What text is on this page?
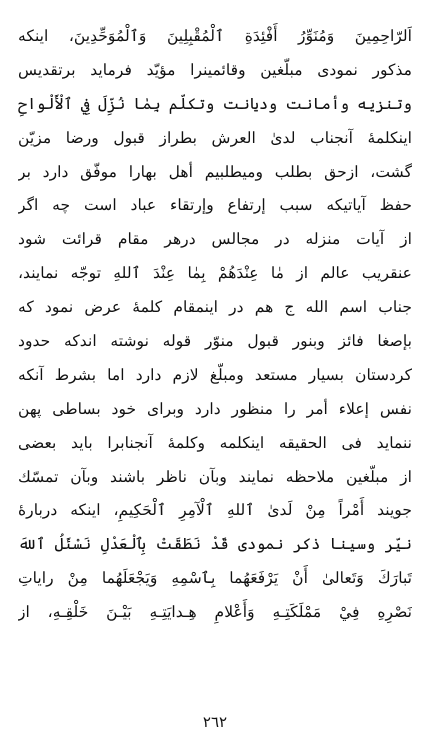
اَلرّاحِمِينَ وَمُنَوِّرُ أَفْئِدَةِ ٱلْمُقْبِلِينَ وَٱلْمُوَحِّدِينَ، اينكه
مذكور نمودى مبلّغين وقائمينرا مؤيّد فرمايد برتقديس
وتنزيه وأمانت وديانت وتكلّم بِمٰا نُزِّلَ فِي ٱلْأَلْواحِ
اينكلمهٔ آنجناب لدىٰ العرش بطراز قبول ورضا مزيّن
گشت، ازحق بطلب وميطلبيم أهل بهارا موفّق دارد بر
حفظ آياتيكه سبب إرتفاع وإرتقاء عباد است چه اگر
از آيات منزله در مجالس درهر مقام قرائت شود
عنقريب عالم از مٰا عِنْدَهُمْ بِمٰا عِنْدَ ٱللهِ توجّه نمايند،
جناب اسم الله ج هم در اينمقام كلمهٔ عرض نمود كه
بإصغا فائز وبنور قبول منوّر قوله نوشته اندكه حدود
كردستان بسيار مستعد ومبلّغ لازم دارد اما بشرط آنكه
نفس إعلاء أمر را منظور دارد وبراى خود بساطى پهن
ننمايد فى الحقيقه اينكلمه وكلمهٔ آنجنابرا بايد بعضى
از مبلّغين ملاحظه نمايند وبآن ناظر باشند وبآن تمسّك
جويند أَمْراً مِنْ لَدىٰ ٱللهِ ٱلْآمِرِ ٱلْحَكِيمِ، اينكه دربارهٔ
نيّر وسينا ذكر نمودى قَدْ نَطَقَتْ بِٱلْعَدْلِ نَسْئَلُ ٱللهَ
تَبارَكَ وَتَعالىٰ أَنْ يَرْفَعَهُما بِٱسْمِهِ وَيَجْعَلَهُما مِنْ راياتِ
نَصْرِهِ فِيْ مَمْلَكَتِـهِ وَأَعْلامِ هِـدايَتِـهِ بَيْـنَ خَلْقِـهِ، از
٢٦٢
